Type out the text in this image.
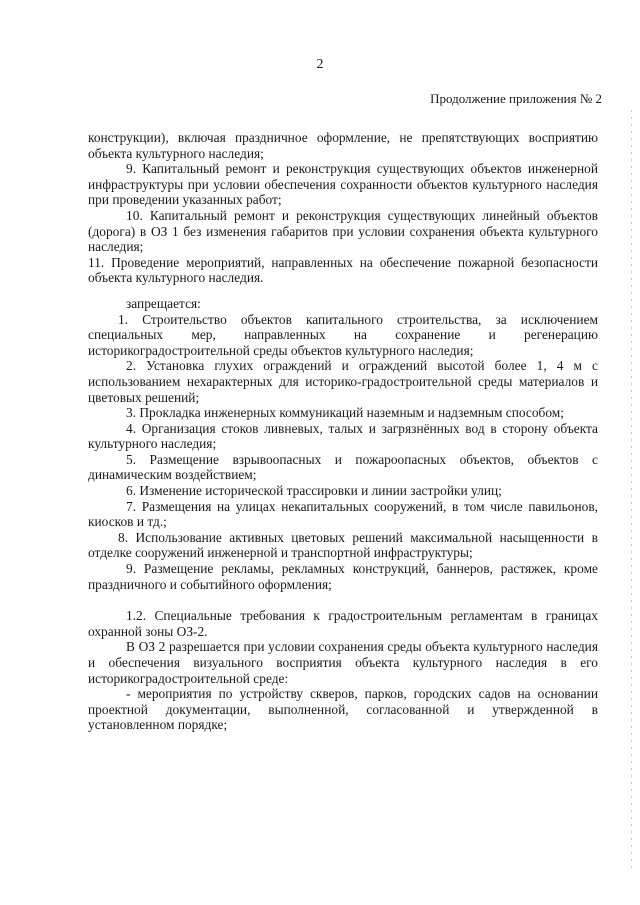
2
Продолжение приложения № 2

конструкции), включая праздничное оформление, не препятствующих восприятию объекта культурного наследия;

9. Капитальный ремонт и реконструкция существующих объектов инженерной инфраструктуры при условии обеспечения сохранности объектов культурного наследия при проведении указанных работ;

10. Капитальный ремонт и реконструкция существующих линейный объектов (дорога) в ОЗ 1 без изменения габаритов при условии сохранения объекта культурного наследия;

11. Проведение мероприятий, направленных на обеспечение пожарной безопасности объекта культурного наследия.

запрещается:

1. Строительство объектов капитального строительства, за исключением специальных мер, направленных на сохранение и регенерацию историкоградостроительной среды объектов культурного наследия;

2. Установка глухих ограждений и ограждений высотой более 1, 4 м с использованием нехарактерных для историко-градостроительной среды материалов и цветовых решений;

3. Прокладка инженерных коммуникаций наземным и надземным способом;

4. Организация стоков ливневых, талых и загрязнённых вод в сторону объекта культурного наследия;

5. Размещение взрывоопасных и пожароопасных объектов, объектов с динамическим воздействием;

6. Изменение исторической трассировки и линии застройки улиц;

7. Размещения на улицах некапитальных сооружений, в том числе павильонов, киосков и тд.;

8. Использование активных цветовых решений максимальной насыщенности в отделке сооружений инженерной и транспортной инфраструктуры;

9. Размещение рекламы, рекламных конструкций, баннеров, растяжек, кроме праздничного и событийного оформления;

1.2. Специальные требования к градостроительным регламентам в границах охранной зоны ОЗ-2.

В ОЗ 2 разрешается при условии сохранения среды объекта культурного наследия и обеспечения визуального восприятия объекта культурного наследия в его историкоградостроительной среде:

- мероприятия по устройству скверов, парков, городских садов на основании проектной документации, выполненной, согласованной и утвержденной в установленном порядке;
